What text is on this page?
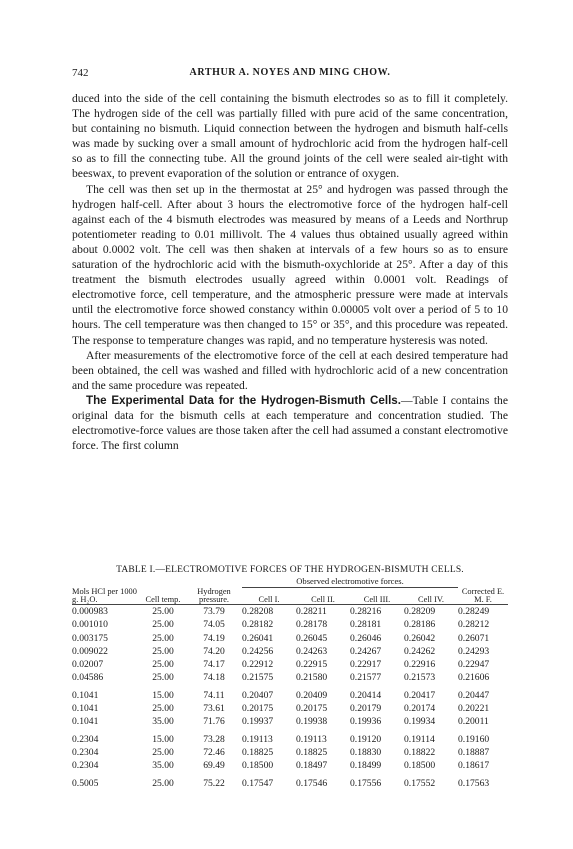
742	ARTHUR A. NOYES AND MING CHOW.

duced into the side of the cell containing the bismuth electrodes so as to fill it completely. The hydrogen side of the cell was partially filled with pure acid of the same concentration, but containing no bismuth. Liquid connection between the hydrogen and bismuth half-cells was made by sucking over a small amount of hydrochloric acid from the hydrogen half-cell so as to fill the connecting tube. All the ground joints of the cell were sealed air-tight with beeswax, to prevent evaporation of the solution or entrance of oxygen.

The cell was then set up in the thermostat at 25° and hydrogen was passed through the hydrogen half-cell. After about 3 hours the electromotive force of the hydrogen half-cell against each of the 4 bismuth electrodes was measured by means of a Leeds and Northrup potentiometer reading to 0.01 millivolt. The 4 values thus obtained usually agreed within about 0.0002 volt. The cell was then shaken at intervals of a few hours so as to ensure saturation of the hydrochloric acid with the bismuth-oxychloride at 25°. After a day of this treatment the bismuth electrodes usually agreed within 0.0001 volt. Readings of electromotive force, cell temperature, and the atmospheric pressure were made at intervals until the electromotive force showed constancy within 0.00005 volt over a period of 5 to 10 hours. The cell temperature was then changed to 15° or 35°, and this procedure was repeated. The response to temperature changes was rapid, and no temperature hysteresis was noted.

After measurements of the electromotive force of the cell at each desired temperature had been obtained, the cell was washed and filled with hydrochloric acid of a new concentration and the same procedure was repeated.

The Experimental Data for the Hydrogen-Bismuth Cells.—Table I contains the original data for the bismuth cells at each temperature and concentration studied. The electromotive-force values are those taken after the cell had assumed a constant electromotive force. The first column

TABLE I.—ELECTROMOTIVE FORCES OF THE HYDROGEN-BISMUTH CELLS.
			Observed electromotive forces.				
Mols HCl per 1000 g. H₂O.	Cell temp.	Hydrogen pressure.	Cell I.	Cell II.	Cell III.	Cell IV.	Corrected E. M. F.
0.000983	25.00	73.79	0.28208	0.28211	0.28216	0.28209	0.28249
0.001010	25.00	74.05	0.28182	0.28178	0.28181	0.28186	0.28212
0.003175	25.00	74.19	0.26041	0.26045	0.26046	0.26042	0.26071
0.009022	25.00	74.20	0.24256	0.24263	0.24267	0.24262	0.24293
0.02007	25.00	74.17	0.22912	0.22915	0.22917	0.22916	0.22947
0.04586	25.00	74.18	0.21575	0.21580	0.21577	0.21573	0.21606
0.1041	15.00	74.11	0.20407	0.20409	0.20414	0.20417	0.20447
0.1041	25.00	73.61	0.20175	0.20175	0.20179	0.20174	0.20221
0.1041	35.00	71.76	0.19937	0.19938	0.19936	0.19934	0.20011
0.2304	15.00	73.28	0.19113	0.19113	0.19120	0.19114	0.19160
0.2304	25.00	72.46	0.18825	0.18825	0.18830	0.18822	0.18887
0.2304	35.00	69.49	0.18500	0.18497	0.18499	0.18500	0.18617
0.5005	25.00	75.22	0.17547	0.17546	0.17556	0.17552	0.17563
